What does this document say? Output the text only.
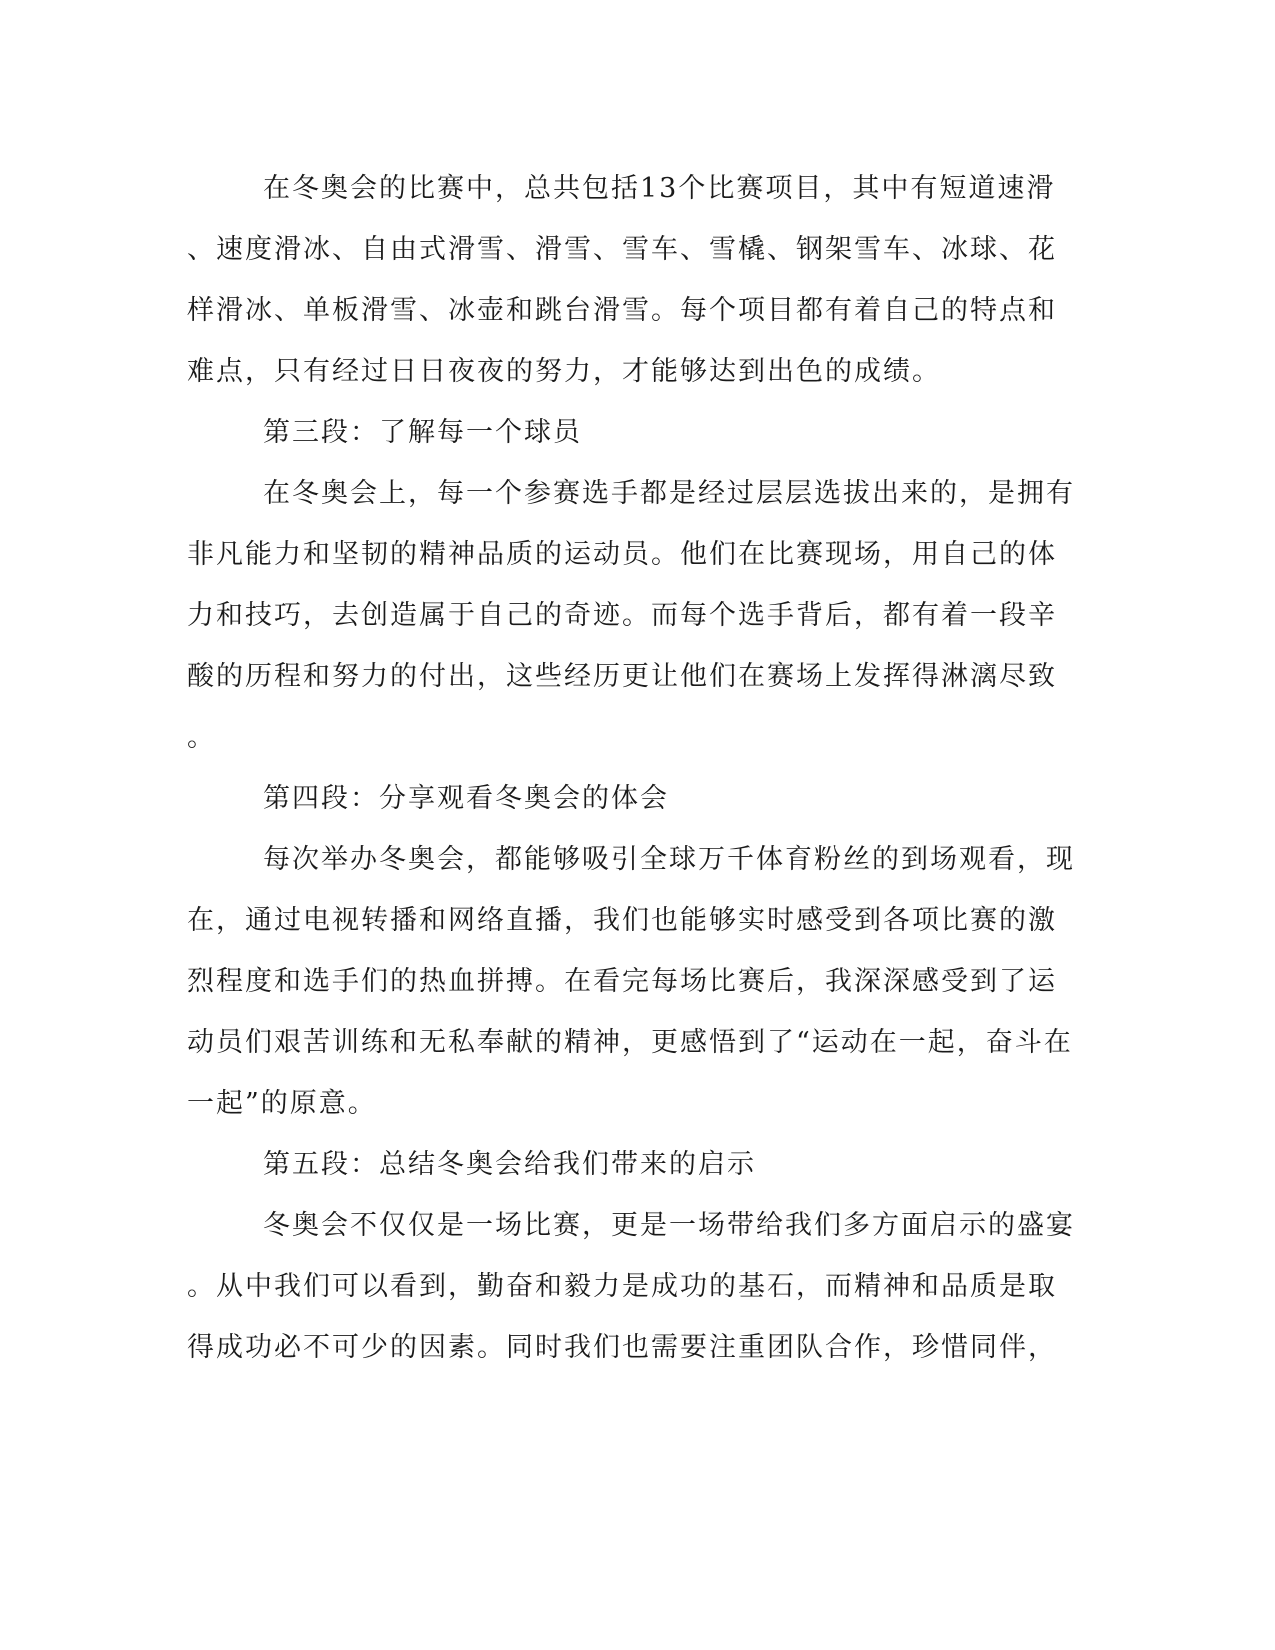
在冬奥会的比赛中，总共包括13个比赛项目，其中有短道速滑
、速度滑冰、自由式滑雪、滑雪、雪车、雪橇、钢架雪车、冰球、花
样滑冰、单板滑雪、冰壶和跳台滑雪。每个项目都有着自己的特点和
难点，只有经过日日夜夜的努力，才能够达到出色的成绩。
第三段：了解每一个球员
在冬奥会上，每一个参赛选手都是经过层层选拔出来的，是拥有
非凡能力和坚韧的精神品质的运动员。他们在比赛现场，用自己的体
力和技巧，去创造属于自己的奇迹。而每个选手背后，都有着一段辛
酸的历程和努力的付出，这些经历更让他们在赛场上发挥得淋漓尽致
。
第四段：分享观看冬奥会的体会
每次举办冬奥会，都能够吸引全球万千体育粉丝的到场观看，现
在，通过电视转播和网络直播，我们也能够实时感受到各项比赛的激
烈程度和选手们的热血拼搏。在看完每场比赛后，我深深感受到了运
动员们艰苦训练和无私奉献的精神，更感悟到了“运动在一起，奋斗在
一起”的原意。
第五段：总结冬奥会给我们带来的启示
冬奥会不仅仅是一场比赛，更是一场带给我们多方面启示的盛宴
。从中我们可以看到，勤奋和毅力是成功的基石，而精神和品质是取
得成功必不可少的因素。同时我们也需要注重团队合作，珍惜同伴，
